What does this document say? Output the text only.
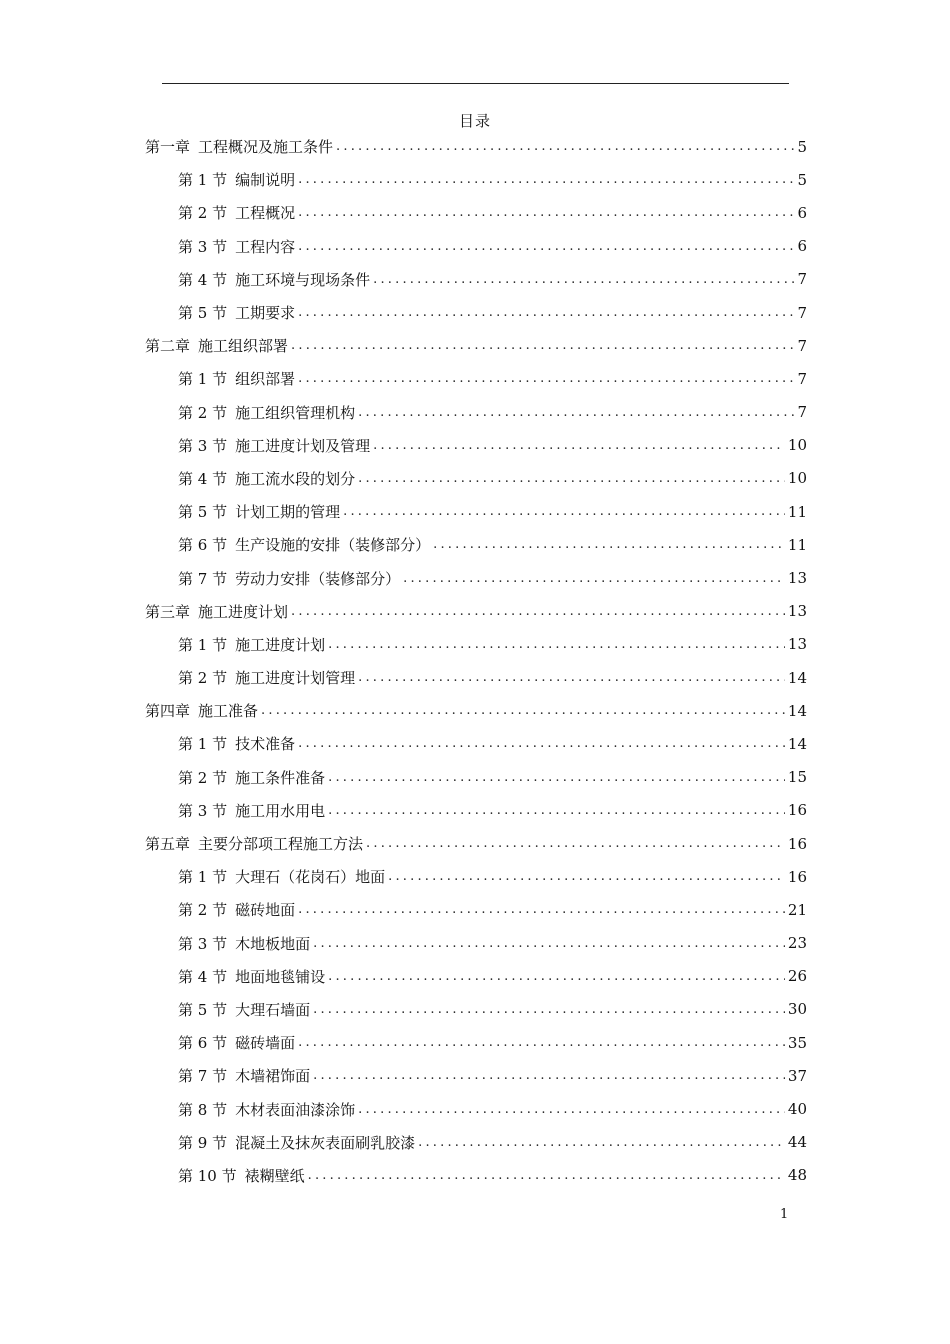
目录
第一章 工程概况及施工条件 .....	5
第 1 节 编制说明 .....	5
第 2 节 工程概况 .....	6
第 3 节 工程内容 .....	6
第 4 节 施工环境与现场条件 .....	7
第 5 节 工期要求 .....	7
第二章 施工组织部署 .....	7
第 1 节 组织部署 .....	7
第 2 节 施工组织管理机构 .....	7
第 3 节 施工进度计划及管理 .....	10
第 4 节 施工流水段的划分 .....	10
第 5 节 计划工期的管理 .....	11
第 6 节 生产设施的安排（装修部分） .....	11
第 7 节 劳动力安排（装修部分） .....	13
第三章 施工进度计划 .....	13
第 1 节 施工进度计划 .....	13
第 2 节 施工进度计划管理 .....	14
第四章 施工准备 .....	14
第 1 节 技术准备 .....	14
第 2 节 施工条件准备 .....	15
第 3 节 施工用水用电 .....	16
第五章 主要分部项工程施工方法 .....	16
第 1 节 大理石（花岗石）地面 .....	16
第 2 节 磁砖地面 .....	21
第 3 节 木地板地面 .....	23
第 4 节 地面地毯铺设 .....	26
第 5 节 大理石墙面 .....	30
第 6 节 磁砖墙面 .....	35
第 7 节 木墙裙饰面 .....	37
第 8 节 木材表面油漆涂饰 .....	40
第 9 节 混凝土及抹灰表面刷乳胶漆 .....	44
第 10 节 裱糊壁纸 .....	48
1
